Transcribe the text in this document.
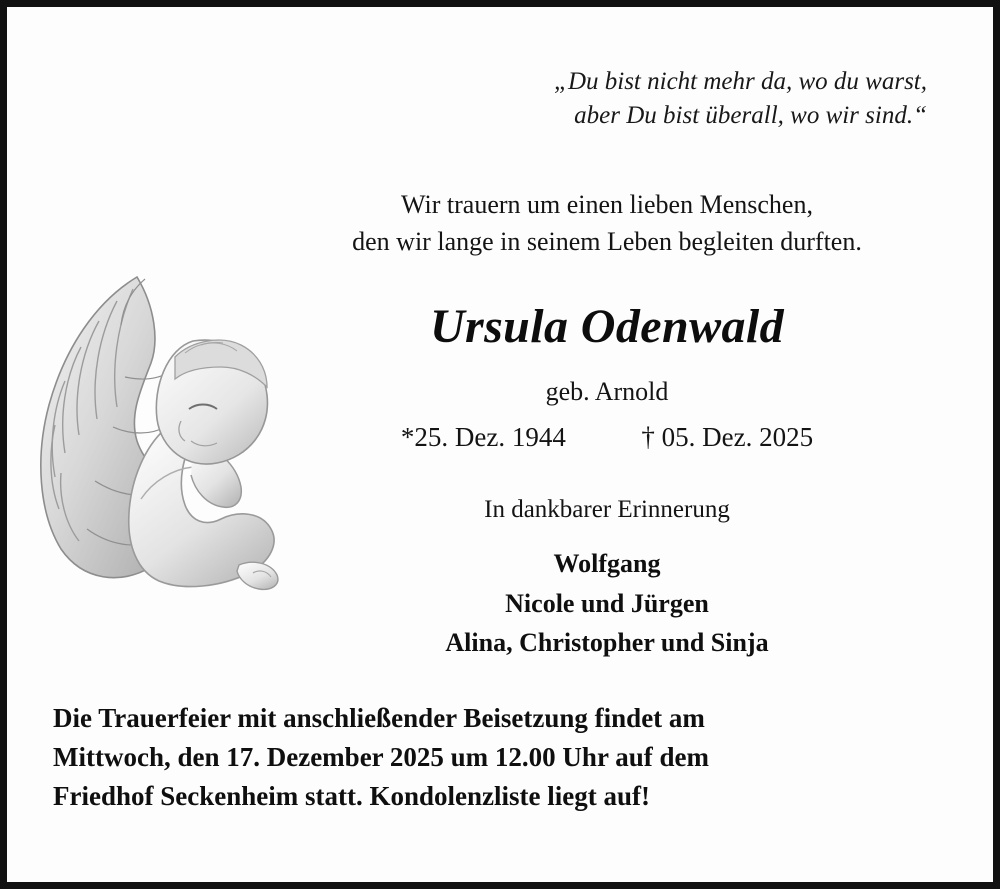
„Du bist nicht mehr da, wo du warst,
aber Du bist überall, wo wir sind.“
Wir trauern um einen lieben Menschen,
den wir lange in seinem Leben begleiten durften.
Ursula Odenwald
geb. Arnold
*25. Dez. 1944	† 05. Dez. 2025
In dankbarer Erinnerung
Wolfgang
Nicole und Jürgen
Alina, Christopher und Sinja
Die Trauerfeier mit anschließender Beisetzung findet am
Mittwoch, den 17. Dezember 2025 um 12.00 Uhr auf dem
Friedhof Seckenheim statt. Kondolenzliste liegt auf!
